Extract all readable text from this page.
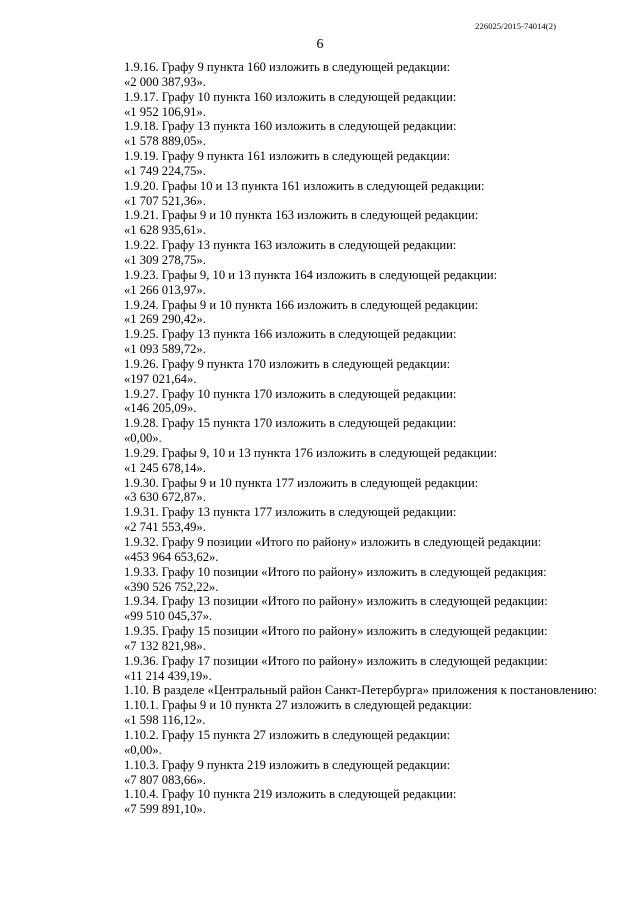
226025/2015-74014(2)
6
1.9.16. Графу 9 пункта 160 изложить в следующей редакции:
«2 000 387,93».
1.9.17. Графу 10 пункта 160 изложить в следующей редакции:
«1 952 106,91».
1.9.18. Графу 13 пункта 160 изложить в следующей редакции:
«1 578 889,05».
1.9.19. Графу 9 пункта 161 изложить в следующей редакции:
«1 749 224,75».
1.9.20. Графы 10 и 13 пункта 161 изложить в следующей редакции:
«1 707 521,36».
1.9.21. Графы 9 и 10 пункта 163 изложить в следующей редакции:
«1 628 935,61».
1.9.22. Графу 13 пункта 163 изложить в следующей редакции:
«1 309 278,75».
1.9.23. Графы 9, 10 и 13 пункта 164 изложить в следующей редакции:
«1 266 013,97».
1.9.24. Графы 9 и 10 пункта 166 изложить в следующей редакции:
«1 269 290,42».
1.9.25. Графу 13 пункта 166 изложить в следующей редакции:
«1 093 589,72».
1.9.26. Графу 9 пункта 170 изложить в следующей редакции:
«197 021,64».
1.9.27. Графу 10 пункта 170 изложить в следующей редакции:
«146 205,09».
1.9.28. Графу 15 пункта 170 изложить в следующей редакции:
«0,00».
1.9.29. Графы 9, 10 и 13 пункта 176 изложить в следующей редакции:
«1 245 678,14».
1.9.30. Графы 9 и 10 пункта 177 изложить в следующей редакции:
«3 630 672,87».
1.9.31. Графу 13 пункта 177 изложить в следующей редакции:
«2 741 553,49».
1.9.32. Графу 9 позиции «Итого по району» изложить в следующей редакции:
«453 964 653,62».
1.9.33. Графу 10 позиции «Итого по району» изложить в следующей редакция:
«390 526 752,22».
1.9.34. Графу 13 позиции «Итого по району» изложить в следующей редакции:
«99 510 045,37».
1.9.35. Графу 15 позиции «Итого по району» изложить в следующей редакции:
«7 132 821,98».
1.9.36. Графу 17 позиции «Итого по району» изложить в следующей редакции:
«11 214 439,19».
1.10. В разделе «Центральный район Санкт-Петербурга» приложения к постановлению:
1.10.1. Графы 9 и 10 пункта 27 изложить в следующей редакции:
«1 598 116,12».
1.10.2. Графу 15 пункта 27 изложить в следующей редакции:
«0,00».
1.10.3. Графу 9 пункта 219 изложить в следующей редакции:
«7 807 083,66».
1.10.4. Графу 10 пункта 219 изложить в следующей редакции:
«7 599 891,10».
